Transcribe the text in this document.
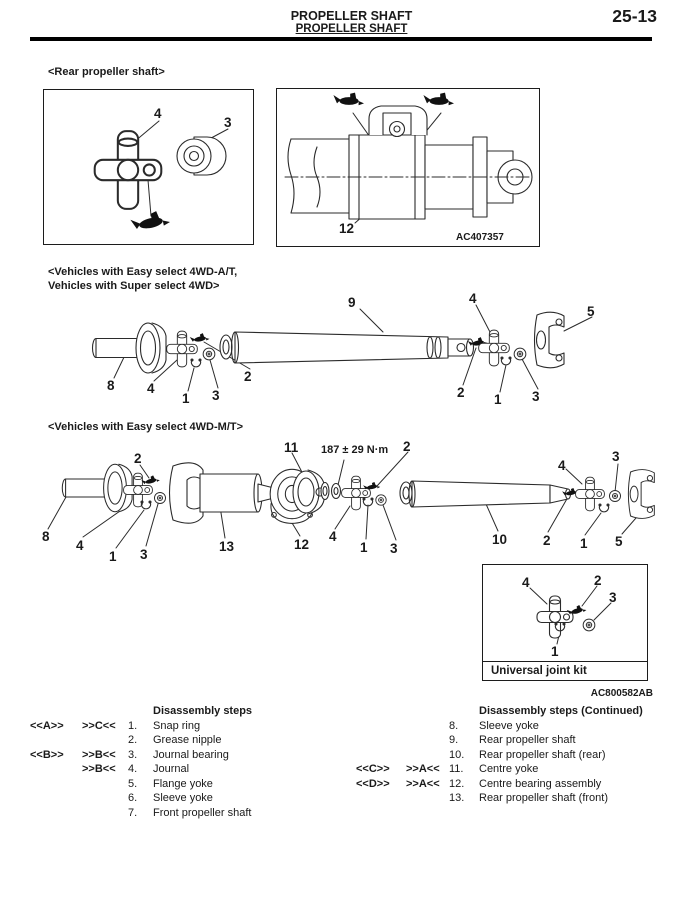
PROPELLER SHAFT
PROPELLER SHAFT
25-13
<Rear propeller shaft>
4
3
12
AC407357
<Vehicles with Easy select 4WD-A/T,
Vehicles with Super select 4WD>
9	4
5
8 4
1 3
2
2 1 3
<Vehicles with Easy select 4WD-M/T>
187 ± 29 N·m
2
11	2
4
3
8
4
1 3
13	12
4
1 3
10	2 1 5
4	2
3
1
Universal joint kit
AC800582AB
Disassembly steps
<<A>>	>>C<<	1.	Snap ring
2.	Grease nipple
<<B>>	>>B<<	3.	Journal bearing
>>B<<	4.	Journal
5.	Flange yoke
6.	Sleeve yoke
7.	Front propeller shaft
Disassembly steps (Continued)
8.	Sleeve yoke
9.	Rear propeller shaft
10.	Rear propeller shaft (rear)
<<C>>	>>A<< 11.	Centre yoke
<<D>>	>>A<< 12.	Centre bearing assembly
13.	Rear propeller shaft (front)
